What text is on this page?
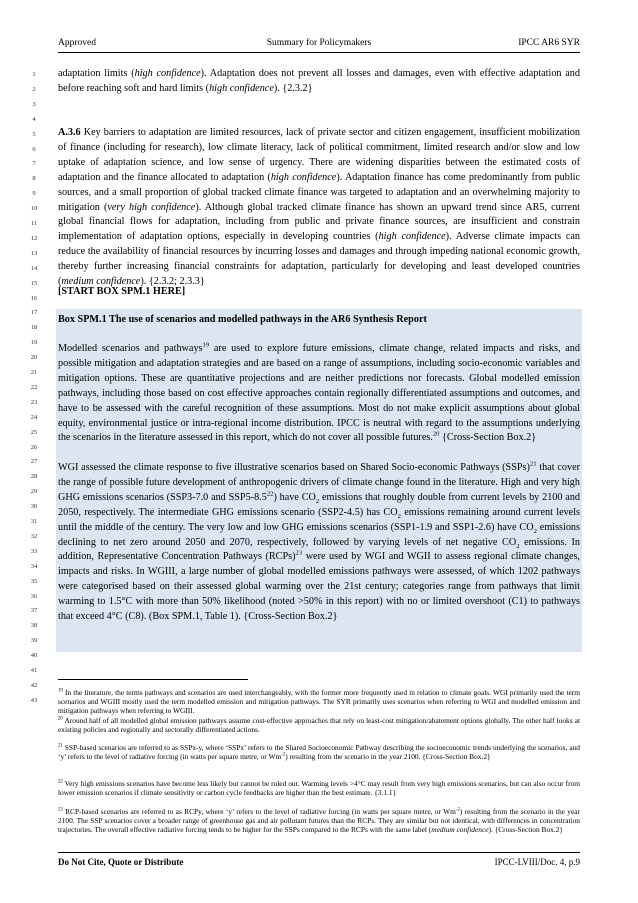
Approved	Summary for Policymakers	IPCC AR6 SYR
1
2
3
4
5
6
7
8
9
10
11
12
13
14
15
16
17
18
19
20
21
22
23
24
25
26
27
28
29
30
31
32
33
34
35
36
37
38
39
40
41
42
43

adaptation limits (high confidence). Adaptation does not prevent all losses and damages, even with effective adaptation and before reaching soft and hard limits (high confidence). {2.3.2}

A.3.6 Key barriers to adaptation are limited resources, lack of private sector and citizen engagement, insufficient mobilization of finance (including for research), low climate literacy, lack of political commitment, limited research and/or slow and low uptake of adaptation science, and low sense of urgency. There are widening disparities between the estimated costs of adaptation and the finance allocated to adaptation (high confidence). Adaptation finance has come predominantly from public sources, and a small proportion of global tracked climate finance was targeted to adaptation and an overwhelming majority to mitigation (very high confidence). Although global tracked climate finance has shown an upward trend since AR5, current global financial flows for adaptation, including from public and private finance sources, are insufficient and constrain implementation of adaptation options, especially in developing countries (high confidence). Adverse climate impacts can reduce the availability of financial resources by incurring losses and damages and through impeding national economic growth, thereby further increasing financial constraints for adaptation, particularly for developing and least developed countries (medium confidence). {2.3.2; 2.3.3}

[START BOX SPM.1 HERE]

Box SPM.1 The use of scenarios and modelled pathways in the AR6 Synthesis Report

Modelled scenarios and pathways$^{19}$ are used to explore future emissions, climate change, related impacts and risks, and possible mitigation and adaptation strategies and are based on a range of assumptions, including socio-economic variables and mitigation options. These are quantitative projections and are neither predictions nor forecasts. Global modelled emission pathways, including those based on cost effective approaches contain regionally differentiated assumptions and outcomes, and have to be assessed with the careful recognition of these assumptions. Most do not make explicit assumptions about global equity, environmental justice or intra-regional income distribution. IPCC is neutral with regard to the assumptions underlying the scenarios in the literature assessed in this report, which do not cover all possible futures.$^{20}$ {Cross-Section Box.2}

WGI assessed the climate response to five illustrative scenarios based on Shared Socio-economic Pathways (SSPs)$^{21}$ that cover the range of possible future development of anthropogenic drivers of climate change found in the literature. High and very high GHG emissions scenarios (SSP3-7.0 and $SSP5-8.5^{22}$) have $CO_2$ emissions that roughly double from current levels by 2100 and 2050, respectively. The intermediate GHG emissions scenario (SSP2-4.5) has $CO_2$ emissions remaining around current levels until the middle of the century. The very low and low GHG emissions scenarios (SSP1-1.9 and SSP1-2.6) have $CO_2$ emissions declining to net zero around 2050 and 2070, respectively, followed by varying levels of net negative $CO_2$ emissions. In addition, Representative Concentration Pathways (RCPs)$^{23}$ were used by WGI and WGII to assess regional climate changes, impacts and risks. In WGIII, a large number of global modelled emissions pathways were assessed, of which 1202 pathways were categorised based on their assessed global warming over the 21st century; categories range from pathways that limit warming to 1.5°C with more than 50% likelihood (noted >50% in this report) with no or limited overshoot (C1) to pathways that exceed 4°C (C8). (Box SPM.1, Table 1). {Cross-Section Box.2}

$^{19}$ In the literature, the terms pathways and scenarios are used interchangeably, with the former more frequently used in relation to climate goals. WGI primarily used the term scenarios and WGIII mostly used the term modelled emission and mitigation pathways. The SYR primarily uses scenarios when referring to WGI and modelled emission and mitigation pathways when referring to WGIII.

$^{20}$ Around half of all modelled global emission pathways assume cost-effective approaches that rely on least-cost mitigation/abatement options globally. The other half looks at existing policies and regionally and sectorally differentiated actions.

$^{21}$ SSP-based scenarios are referred to as SSPx-y, where ‘SSPx’ refers to the Shared Socioeconomic Pathway describing the socioeconomic trends underlying the scenarios, and ‘y’ refers to the level of radiative forcing (in watts per square metre, or $Wm^{-2}$) resulting from the scenario in the year 2100. {Cross-Section Box.2}

$^{22}$ Very high emissions scenarios have become less likely but cannot be ruled out. Warming levels >4°C may result from very high emissions scenarios, but can also occur from lower emission scenarios if climate sensitivity or carbon cycle feedbacks are higher than the best estimate. {3.1.1}

$^{23}$ RCP-based scenarios are referred to as RCPy, where ‘y’ refers to the level of radiative forcing (in watts per square metre, or $Wm^{-2}$) resulting from the scenario in the year 2100. The SSP scenarios cover a broader range of greenhouse gas and air pollutant futures than the RCPs. They are similar but not identical, with differences in concentration trajectories. The overall effective radiative forcing tends to be higher for the SSPs compared to the RCPs with the same label (medium confidence). {Cross-Section Box.2}

Do Not Cite, Quote or Distribute	IPCC-LVIII/Doc. 4, p.9
